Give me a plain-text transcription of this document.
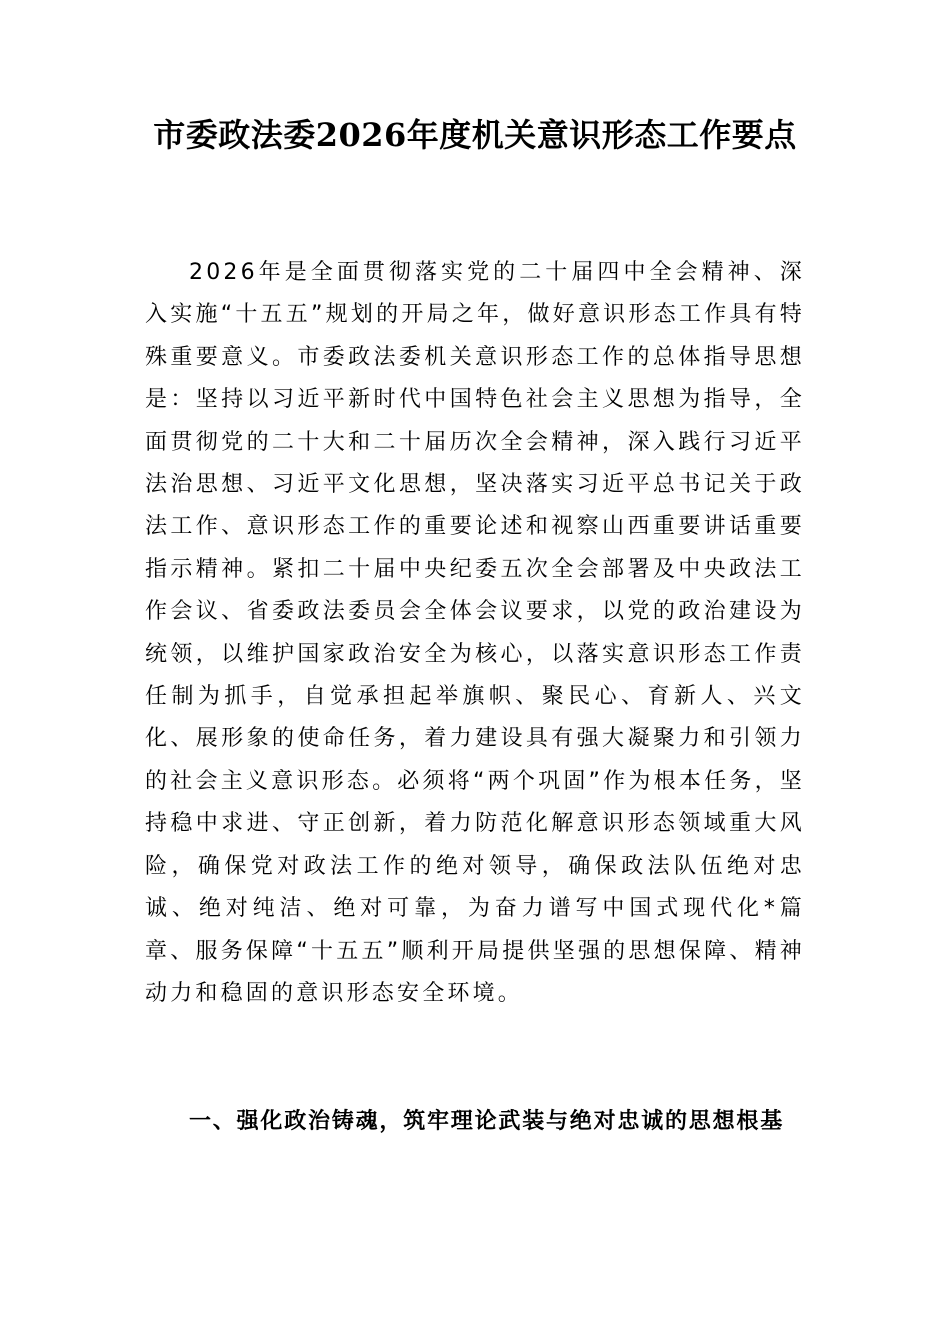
市委政法委2026年度机关意识形态工作要点

2026年是全面贯彻落实党的二十届四中全会精神、深入实施“十五五”规划的开局之年，做好意识形态工作具有特殊重要意义。市委政法委机关意识形态工作的总体指导思想是：坚持以习近平新时代中国特色社会主义思想为指导，全面贯彻党的二十大和二十届历次全会精神，深入践行习近平法治思想、习近平文化思想，坚决落实习近平总书记关于政法工作、意识形态工作的重要论述和视察山西重要讲话重要指示精神。紧扣二十届中央纪委五次全会部署及中央政法工作会议、省委政法委员会全体会议要求，以党的政治建设为统领，以维护国家政治安全为核心，以落实意识形态工作责任制为抓手，自觉承担起举旗帜、聚民心、育新人、兴文化、展形象的使命任务，着力建设具有强大凝聚力和引领力的社会主义意识形态。必须将“两个巩固”作为根本任务，坚持稳中求进、守正创新，着力防范化解意识形态领域重大风险，确保党对政法工作的绝对领导，确保政法队伍绝对忠诚、绝对纯洁、绝对可靠，为奋力谱写中国式现代化*篇章、服务保障“十五五”顺利开局提供坚强的思想保障、精神动力和稳固的意识形态安全环境。

一、强化政治铸魂，筑牢理论武装与绝对忠诚的思想根基
